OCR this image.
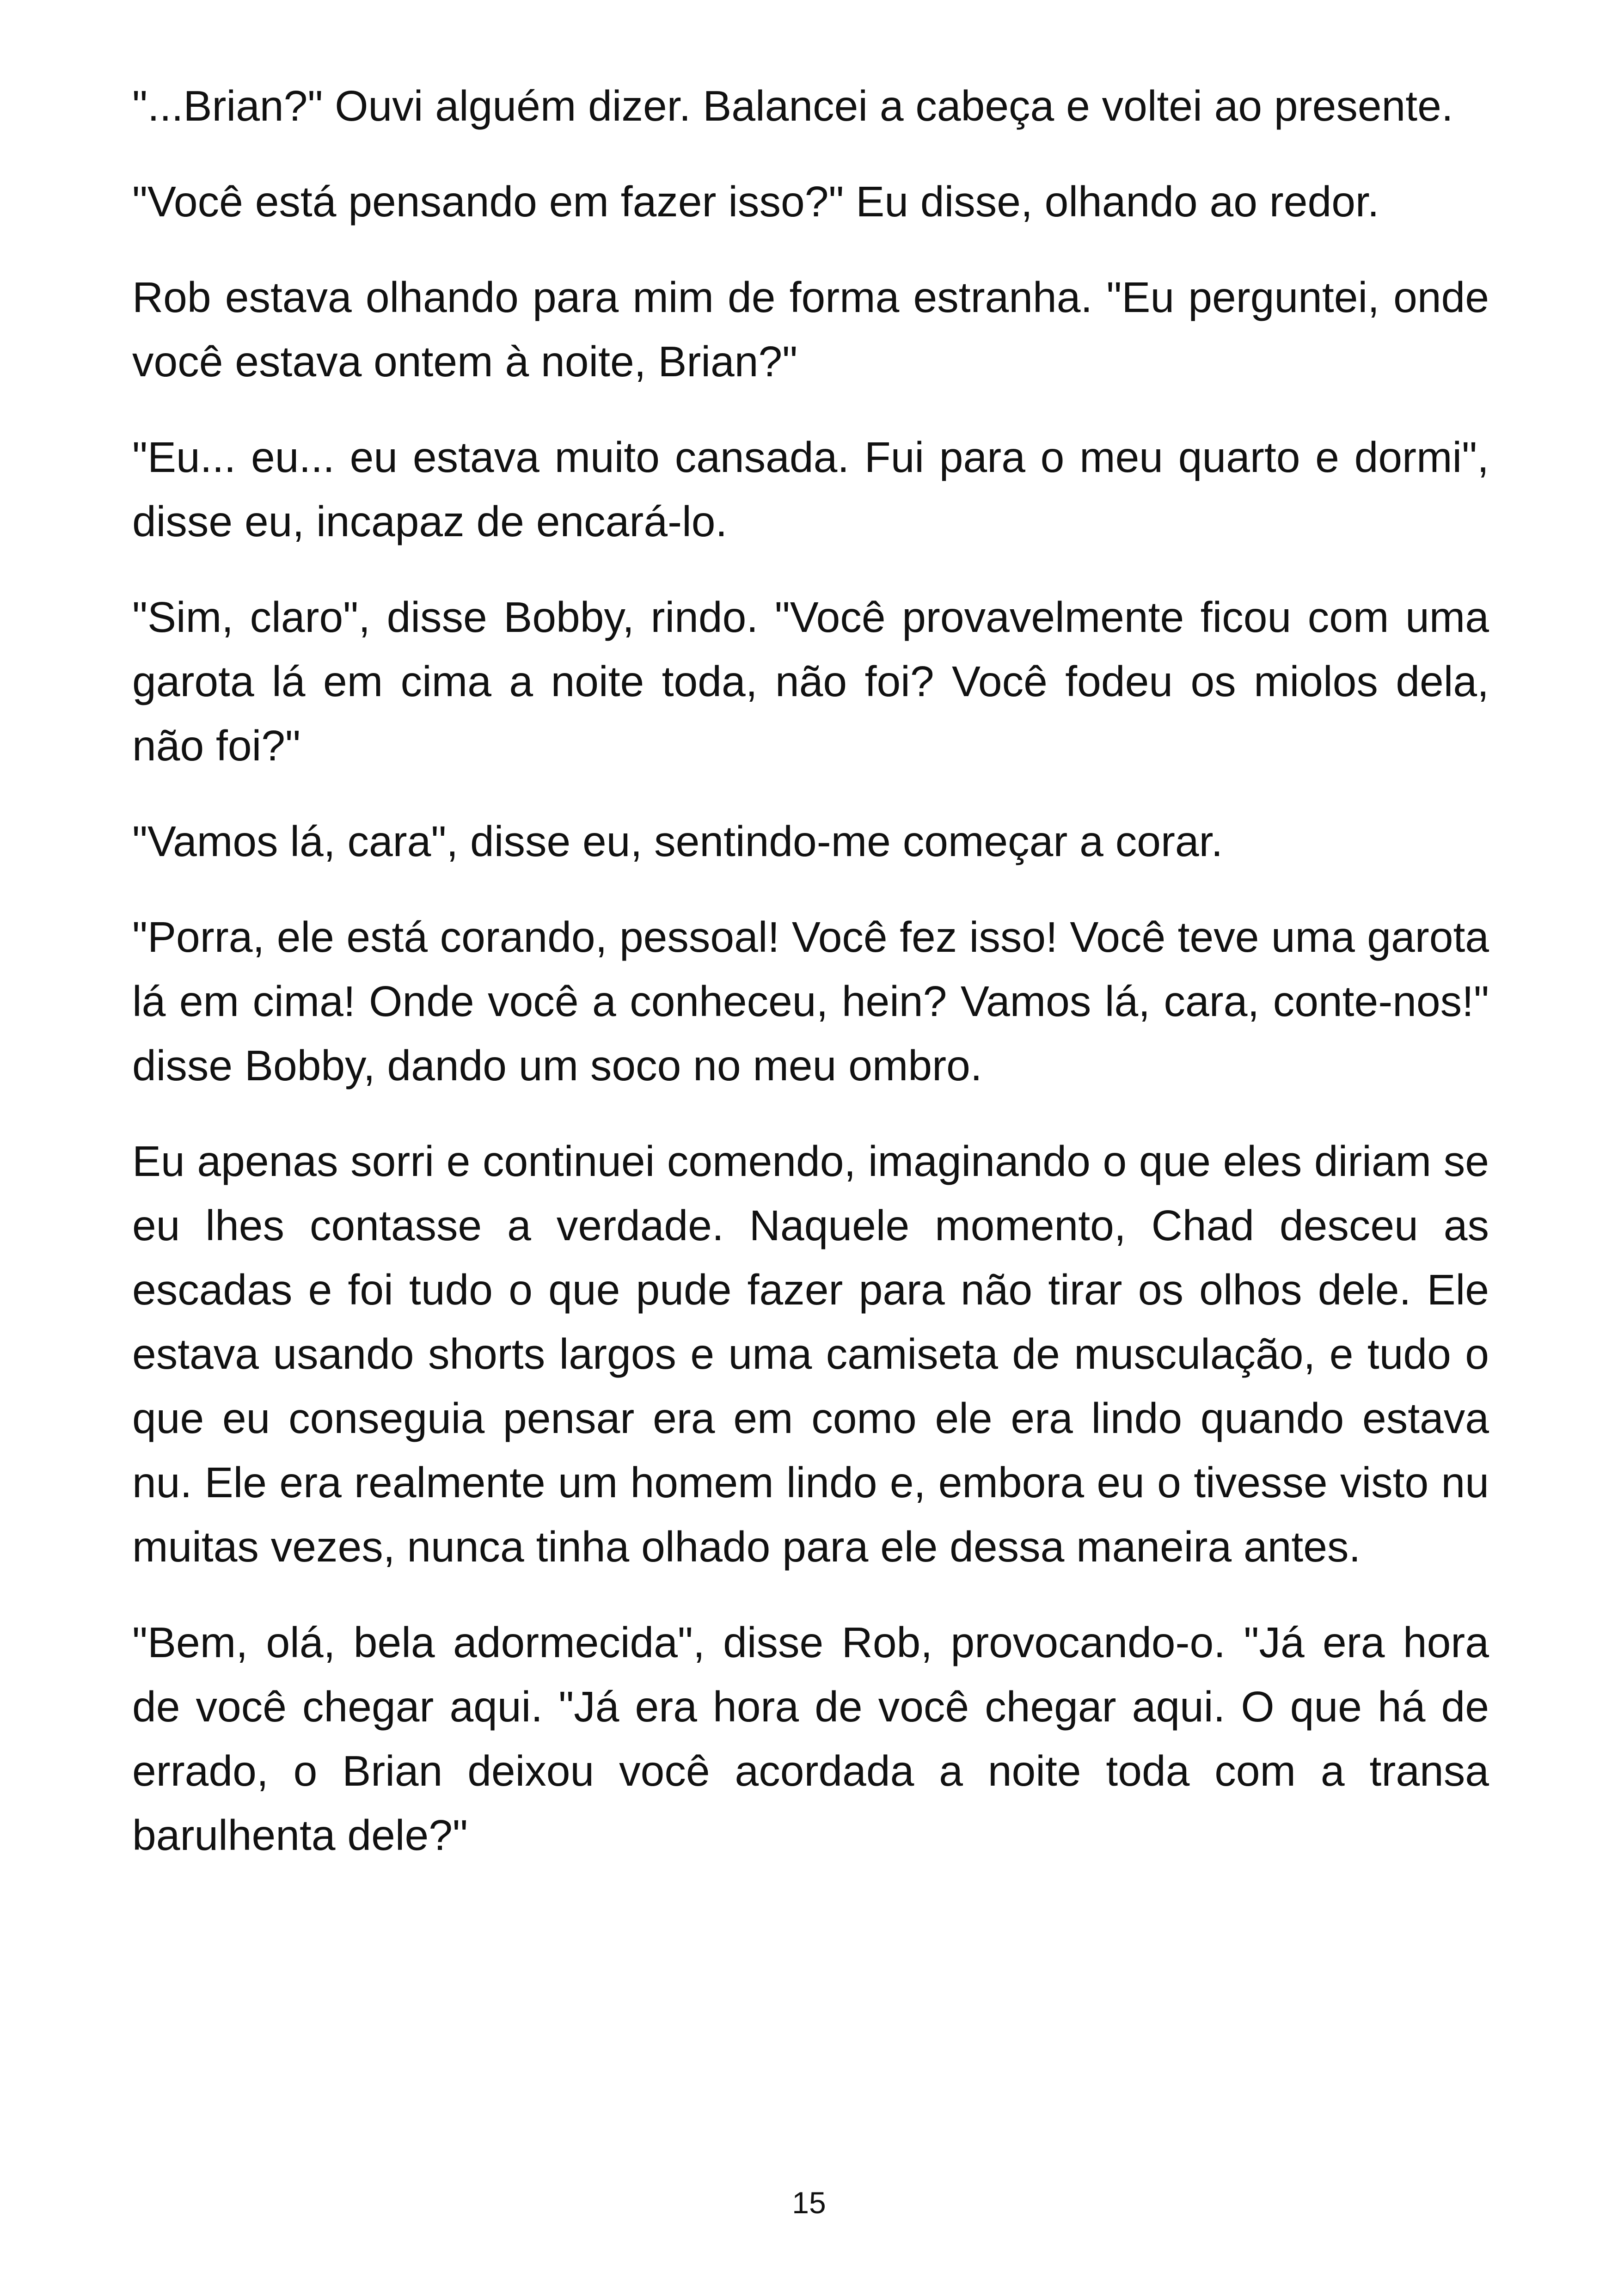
"...Brian?" Ouvi alguém dizer. Balancei a cabeça e voltei ao presente.

"Você está pensando em fazer isso?" Eu disse, olhando ao redor.

Rob estava olhando para mim de forma estranha. "Eu perguntei, onde você estava ontem à noite, Brian?"

"Eu... eu... eu estava muito cansada. Fui para o meu quarto e dormi", disse eu, incapaz de encará-lo.

"Sim, claro", disse Bobby, rindo. "Você provavelmente ficou com uma garota lá em cima a noite toda, não foi? Você fodeu os miolos dela, não foi?"

"Vamos lá, cara", disse eu, sentindo-me começar a corar.

"Porra, ele está corando, pessoal! Você fez isso! Você teve uma garota lá em cima! Onde você a conheceu, hein? Vamos lá, cara, conte-nos!" disse Bobby, dando um soco no meu ombro.

Eu apenas sorri e continuei comendo, imaginando o que eles diriam se eu lhes contasse a verdade. Naquele momento, Chad desceu as escadas e foi tudo o que pude fazer para não tirar os olhos dele. Ele estava usando shorts largos e uma camiseta de musculação, e tudo o que eu conseguia pensar era em como ele era lindo quando estava nu. Ele era realmente um homem lindo e, embora eu o tivesse visto nu muitas vezes, nunca tinha olhado para ele dessa maneira antes.

"Bem, olá, bela adormecida", disse Rob, provocando-o. "Já era hora de você chegar aqui. "Já era hora de você chegar aqui. O que há de errado, o Brian deixou você acordada a noite toda com a transa barulhenta dele?"

15
